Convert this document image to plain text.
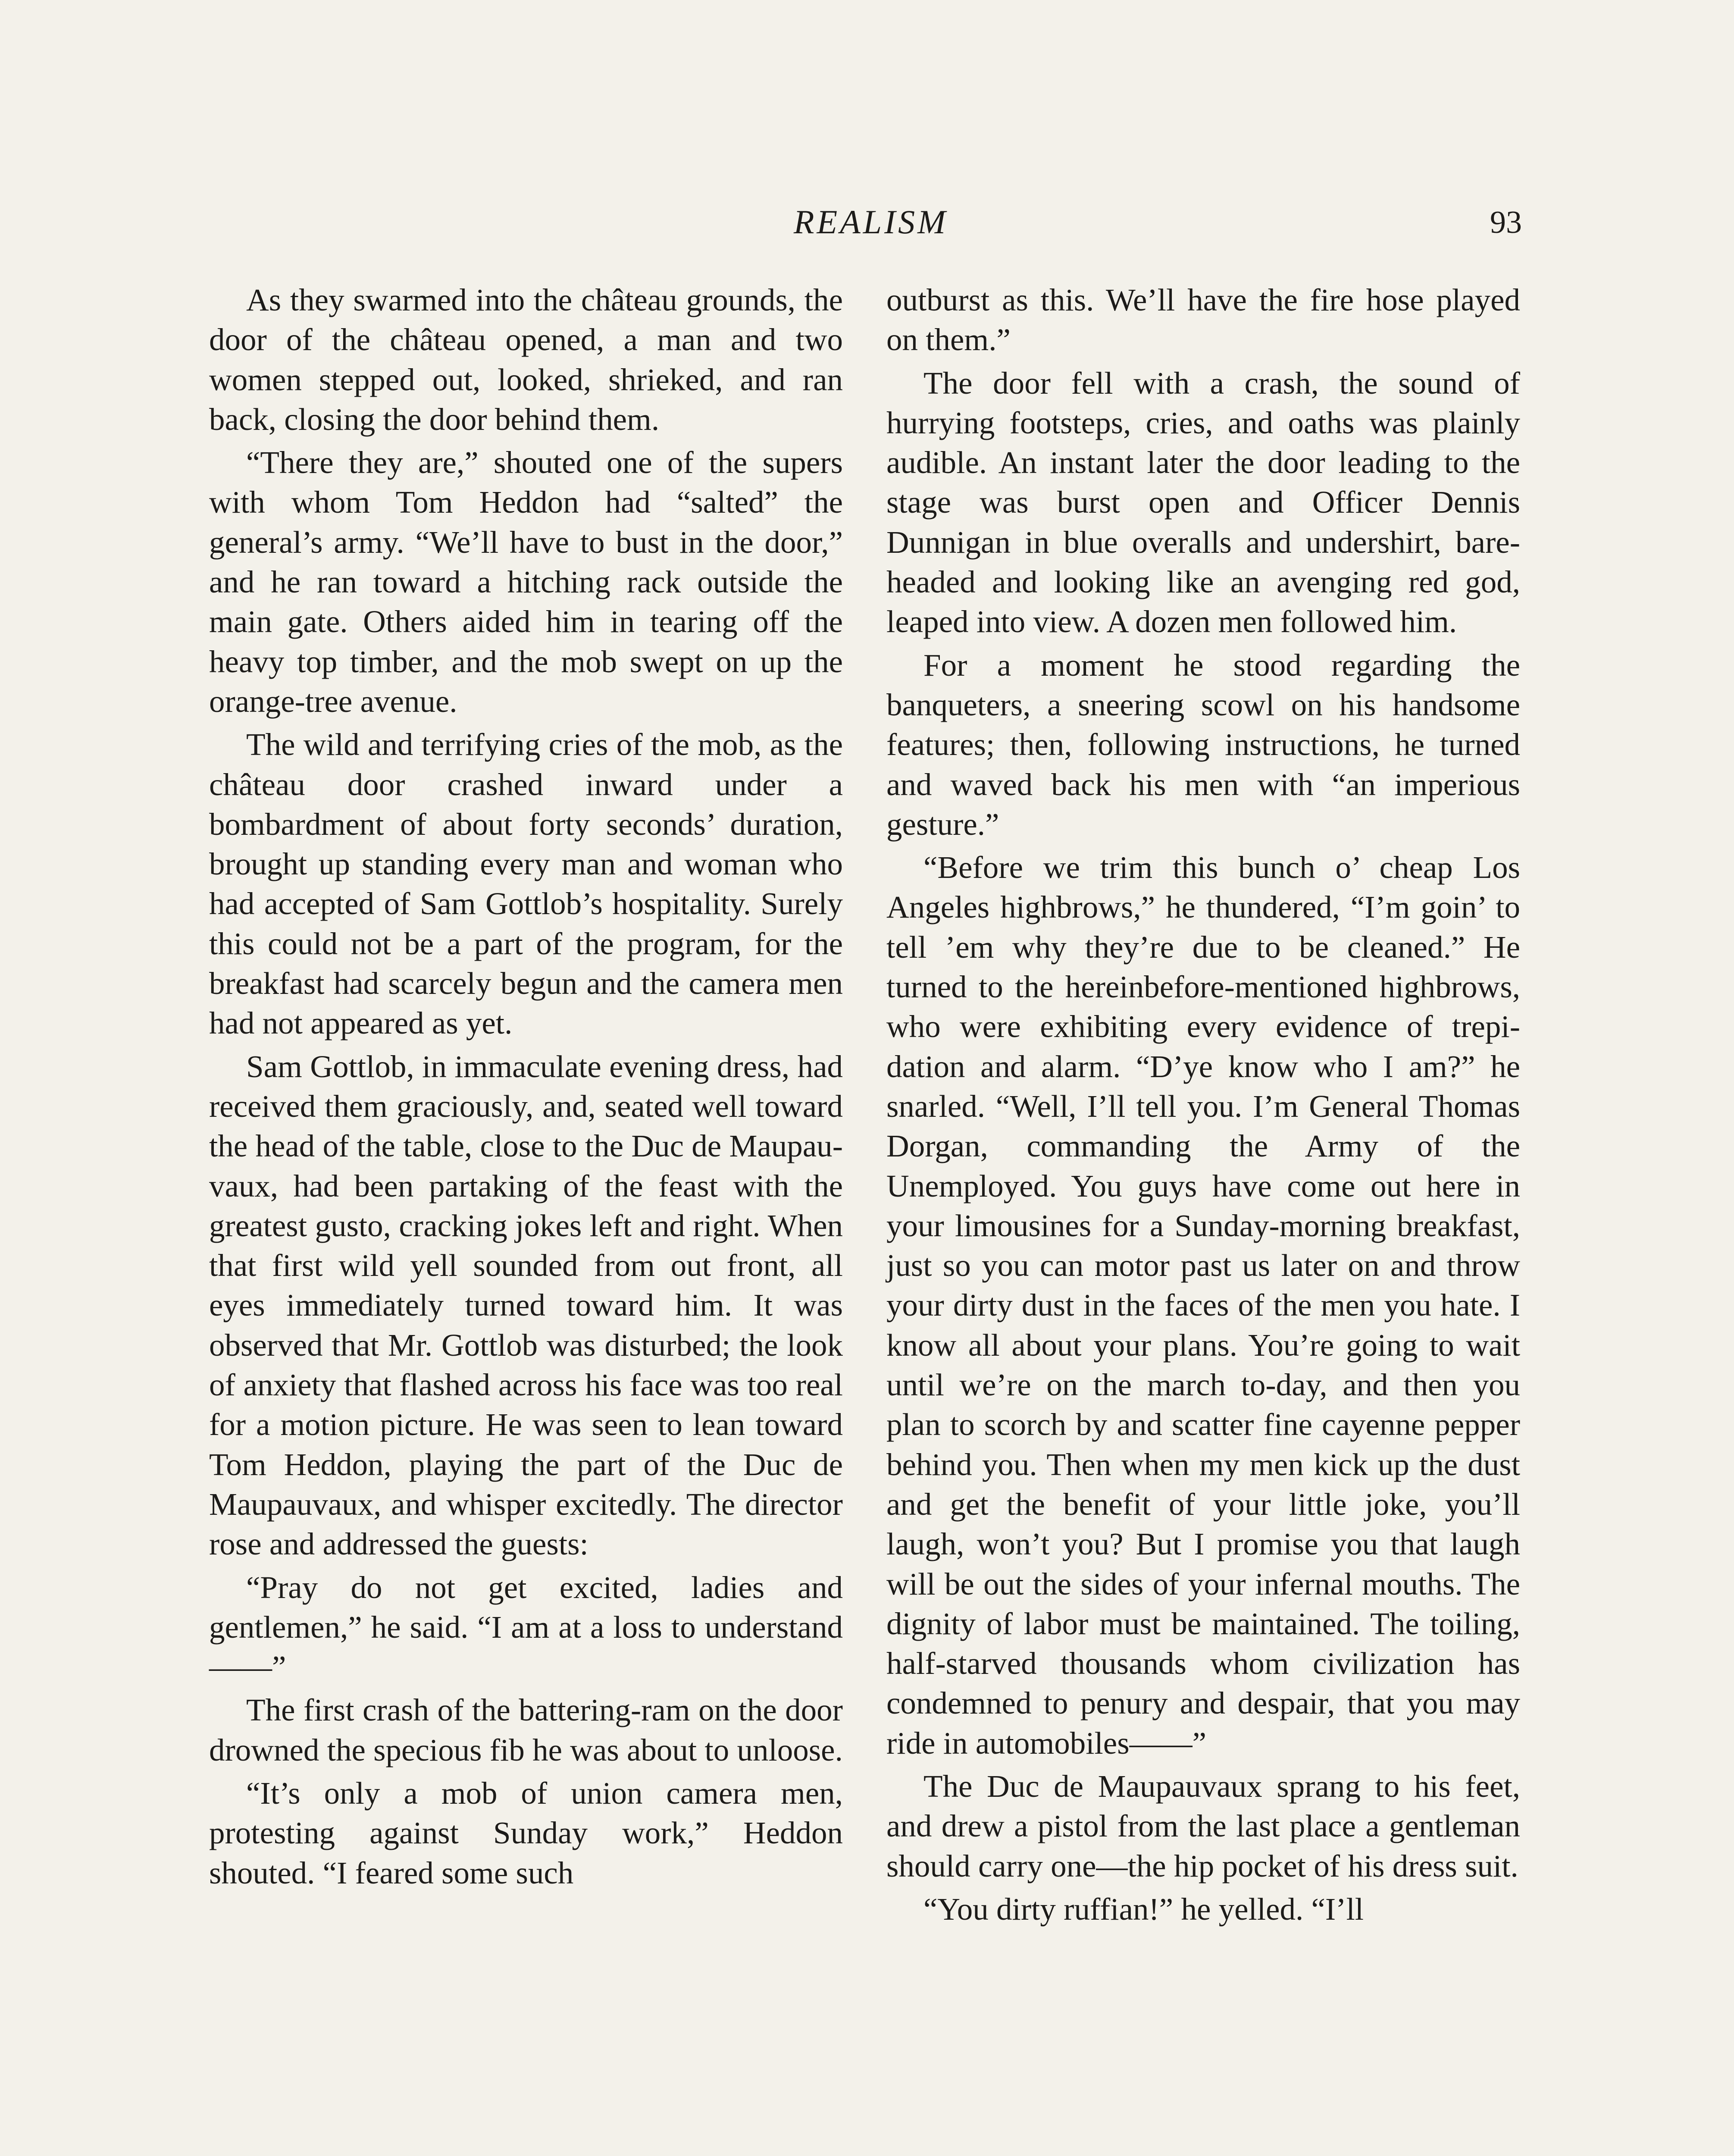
REALISM	93

As they swarmed into the château grounds, the door of the château opened, a man and two women stepped out, looked, shrieked, and ran back, closing the door behind them.

“There they are,” shouted one of the supers with whom Tom Heddon had “salted” the general’s army. “We’ll have to bust in the door,” and he ran toward a hitching rack outside the main gate. Others aided him in tearing off the heavy top timber, and the mob swept on up the orange-tree avenue.

The wild and terrifying cries of the mob, as the château door crashed inward under a bombardment of about forty seconds’ duration, brought up standing every man and woman who had accepted of Sam Gottlob’s hospitality. Surely this could not be a part of the program, for the breakfast had scarcely begun and the camera men had not appeared as yet.

Sam Gottlob, in immaculate evening dress, had received them graciously, and, seated well toward the head of the table, close to the Duc de Maupauvaux, had been partaking of the feast with the greatest gusto, cracking jokes left and right. When that first wild yell sounded from out front, all eyes immediately turned toward him. It was observed that Mr. Gottlob was disturbed; the look of anxiety that flashed across his face was too real for a motion picture. He was seen to lean toward Tom Heddon, playing the part of the Duc de Maupauvaux, and whisper excitedly. The director rose and addressed the guests:

“Pray do not get excited, ladies and gentlemen,” he said. “I am at a loss to understand——”

The first crash of the battering-ram on the door drowned the specious fib he was about to unloose.

“It’s only a mob of union camera men, protesting against Sunday work,” Heddon shouted. “I feared some such

outburst as this. We’ll have the fire hose played on them.”

The door fell with a crash, the sound of hurrying footsteps, cries, and oaths was plainly audible. An instant later the door leading to the stage was burst open and Officer Dennis Dunnigan in blue overalls and undershirt, bareheaded and looking like an avenging red god, leaped into view. A dozen men followed him.

For a moment he stood regarding the banqueters, a sneering scowl on his handsome features; then, following instructions, he turned and waved back his men with “an imperious gesture.”

“Before we trim this bunch o’ cheap Los Angeles highbrows,” he thundered, “I’m goin’ to tell ’em why they’re due to be cleaned.” He turned to the hereinbefore-mentioned highbrows, who were exhibiting every evidence of trepidation and alarm. “D’ye know who I am?” he snarled. “Well, I’ll tell you. I’m General Thomas Dorgan, commanding the Army of the Unemployed. You guys have come out here in your limousines for a Sunday-morning breakfast, just so you can motor past us later on and throw your dirty dust in the faces of the men you hate. I know all about your plans. You’re going to wait until we’re on the march to-day, and then you plan to scorch by and scatter fine cayenne pepper behind you. Then when my men kick up the dust and get the benefit of your little joke, you’ll laugh, won’t you? But I promise you that laugh will be out the sides of your infernal mouths. The dignity of labor must be maintained. The toiling, half-starved thousands whom civilization has condemned to penury and despair, that you may ride in automobiles——”

The Duc de Maupauvaux sprang to his feet, and drew a pistol from the last place a gentleman should carry one—the hip pocket of his dress suit.

“You dirty ruffian!” he yelled. “I’ll
